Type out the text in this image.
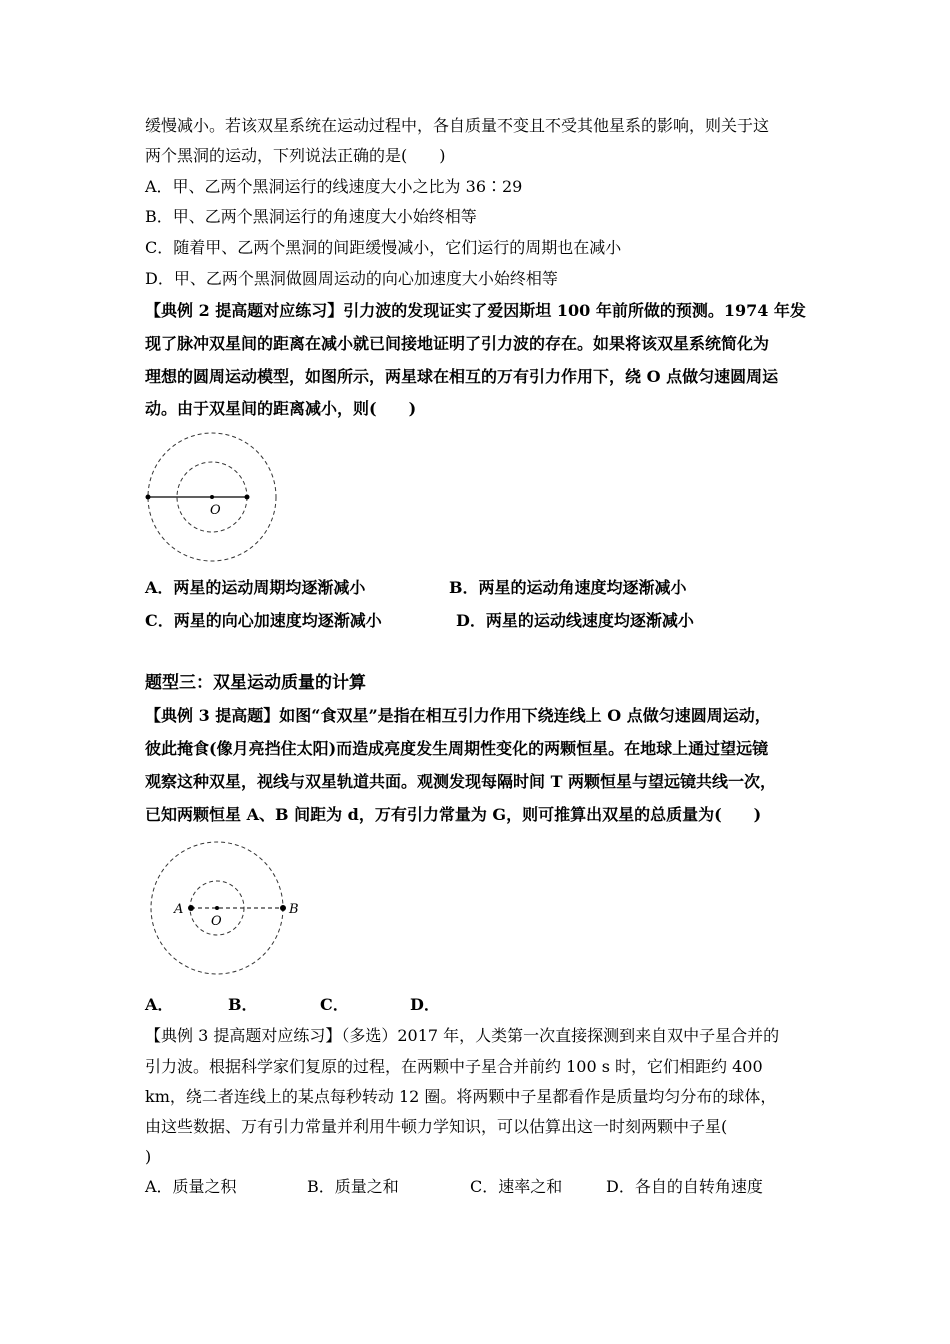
缓慢减小。若该双星系统在运动过程中，各自质量不变且不受其他星系的影响，则关于这
两个黑洞的运动，下列说法正确的是(　　)
A．甲、乙两个黑洞运行的线速度大小之比为 36∶29
B．甲、乙两个黑洞运行的角速度大小始终相等
C．随着甲、乙两个黑洞的间距缓慢减小，它们运行的周期也在减小
D．甲、乙两个黑洞做圆周运动的向心加速度大小始终相等
【典例 2 提高题对应练习】引力波的发现证实了爱因斯坦 100 年前所做的预测。1974 年发
现了脉冲双星间的距离在减小就已间接地证明了引力波的存在。如果将该双星系统简化为
理想的圆周运动模型，如图所示，两星球在相互的万有引力作用下，绕 O 点做匀速圆周运
动。由于双星间的距离减小，则(　　)
O
A．两星的运动周期均逐渐减小	B．两星的运动角速度均逐渐减小
C．两星的向心加速度均逐渐减小	D．两星的运动线速度均逐渐减小
题型三：双星运动质量的计算
【典例 3 提高题】如图“食双星”是指在相互引力作用下绕连线上 O 点做匀速圆周运动，
彼此掩食(像月亮挡住太阳)而造成亮度发生周期性变化的两颗恒星。在地球上通过望远镜
观察这种双星，视线与双星轨道共面。观测发现每隔时间 T 两颗恒星与望远镜共线一次，
已知两颗恒星 A、B 间距为 d，万有引力常量为 G，则可推算出双星的总质量为(　　)
A
O
B
A．	B．	C．	D．
【典例 3 提高题对应练习】（多选）2017 年，人类第一次直接探测到来自双中子星合并的
引力波。根据科学家们复原的过程，在两颗中子星合并前约 100 s 时，它们相距约 400
km，绕二者连线上的某点每秒转动 12 圈。将两颗中子星都看作是质量均匀分布的球体，
由这些数据、万有引力常量并利用牛顿力学知识，可以估算出这一时刻两颗中子星(
)
A．质量之积	B．质量之和	C．速率之和	D．各自的自转角速度
